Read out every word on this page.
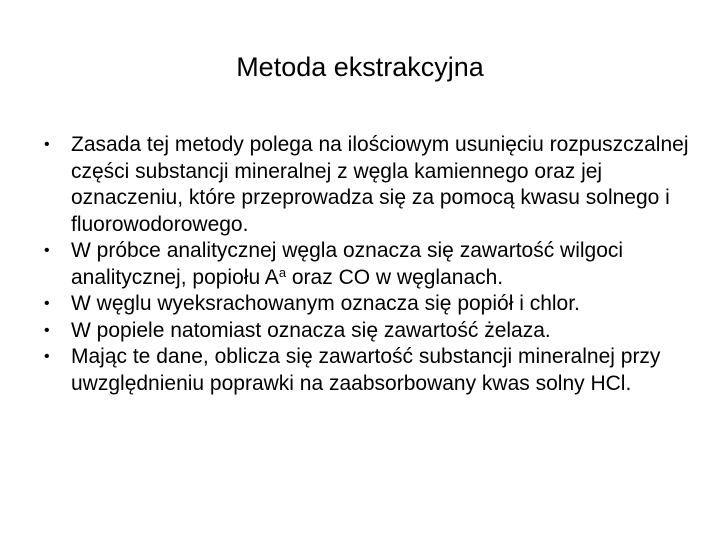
Metoda ekstrakcyjna
•	Zasada tej metody polega na ilościowym usunięciu rozpuszczalnej części substancji mineralnej z węgla kamiennego oraz jej oznaczeniu, które przeprowadza się za pomocą kwasu solnego i fluorowodorowego.
•	W próbce analitycznej węgla oznacza się zawartość wilgoci analitycznej, popiołu $A^a$ oraz CO w węglanach.
•	W węglu wyeksrachowanym oznacza się popiół i chlor.
•	W popiele natomiast oznacza się zawartość żelaza.
•	Mając te dane, oblicza się zawartość substancji mineralnej przy uwzględnieniu poprawki na zaabsorbowany kwas solny HCl.
